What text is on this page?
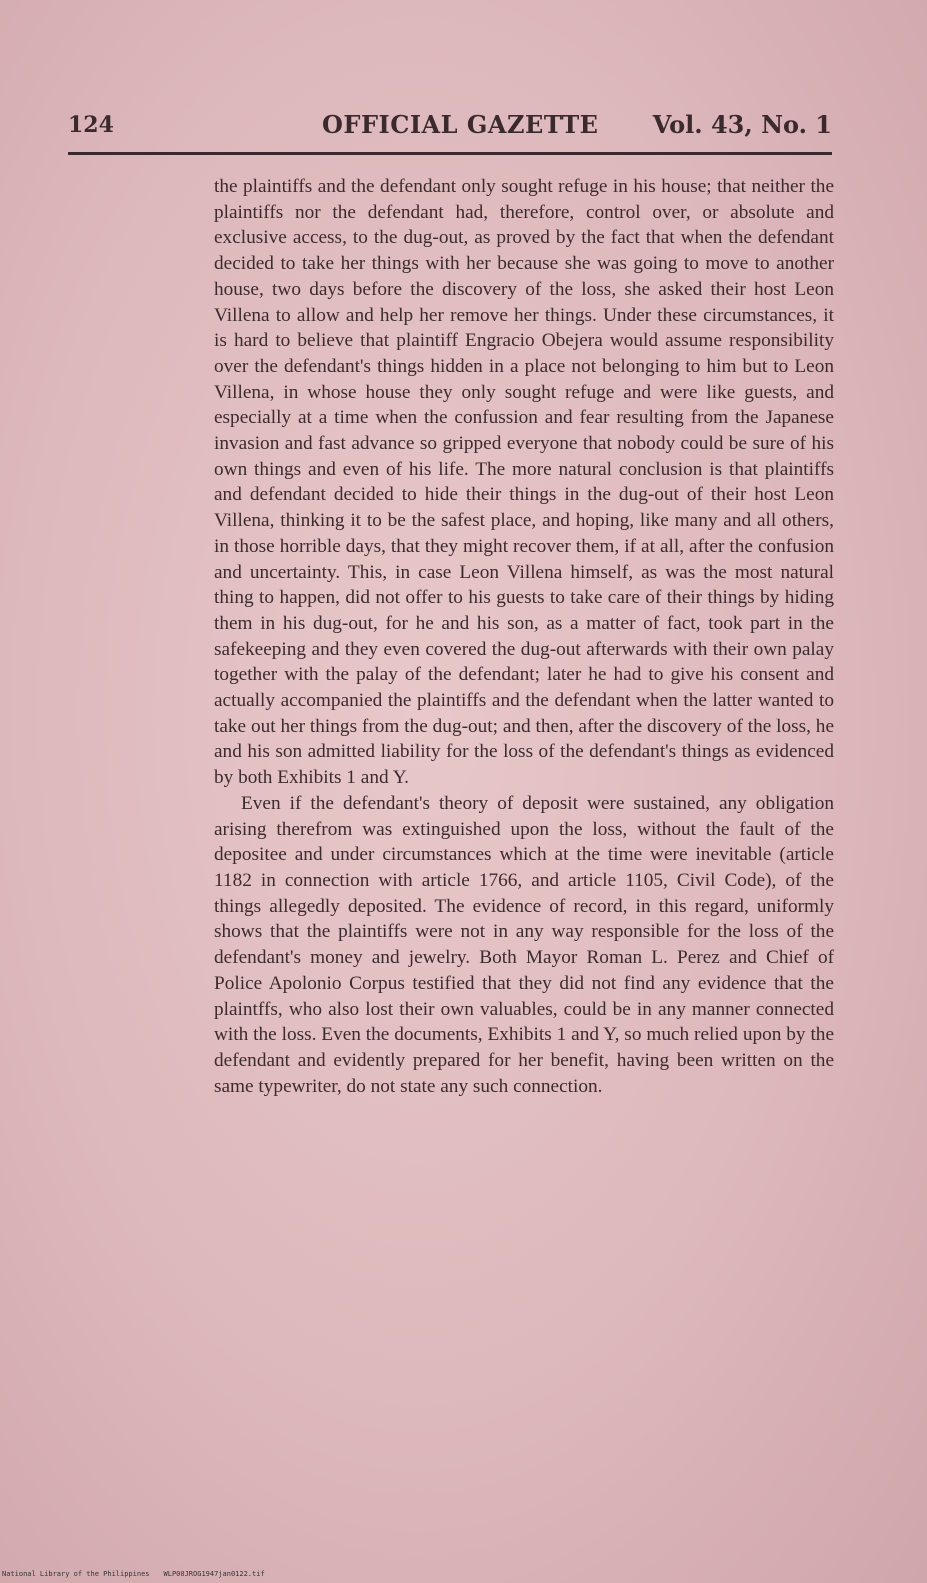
124	OFFICIAL GAZETTE Vol. 43, No. 1

the plaintiffs and the defendant only sought refuge in his house; that neither the plaintiffs nor the defendant had, therefore, control over, or absolute and exclusive access, to the dug-out, as proved by the fact that when the defendant decided to take her things with her because she was going to move to another house, two days before the discovery of the loss, she asked their host Leon Villena to allow and help her remove her things. Under these circumstances, it is hard to believe that plaintiff Engracio Obejera would assume responsibility over the defendant's things hidden in a place not belonging to him but to Leon Villena, in whose house they only sought refuge and were like guests, and especially at a time when the confussion and fear resulting from the Japanese invasion and fast advance so gripped everyone that nobody could be sure of his own things and even of his life. The more natural conclusion is that plaintiffs and defendant decided to hide their things in the dug-out of their host Leon Villena, thinking it to be the safest place, and hoping, like many and all others, in those horrible days, that they might recover them, if at all, after the confusion and uncertainty. This, in case Leon Villena himself, as was the most natural thing to happen, did not offer to his guests to take care of their things by hiding them in his dug-out, for he and his son, as a matter of fact, took part in the safekeeping and they even covered the dug-out afterwards with their own palay together with the palay of the defendant; later he had to give his consent and actually accompanied the plaintiffs and the defendant when the latter wanted to take out her things from the dug-out; and then, after the discovery of the loss, he and his son admitted liability for the loss of the defendant's things as evidenced by both Exhibits 1 and Y.

Even if the defendant's theory of deposit were sustained, any obligation arising therefrom was extinguished upon the loss, without the fault of the depositee and under circumstances which at the time were inevitable (article 1182 in connection with article 1766, and article 1105, Civil Code), of the things allegedly deposited. The evidence of record, in this regard, uniformly shows that the plaintiffs were not in any way responsible for the loss of the defendant's money and jewelry. Both Mayor Roman L. Perez and Chief of Police Apolonio Corpus testified that they did not find any evidence that the plaintffs, who also lost their own valuables, could be in any manner connected with the loss. Even the documents, Exhibits 1 and Y, so much relied upon by the defendant and evidently prepared for her benefit, having been written on the same typewriter, do not state any such connection.

National Library of the Philippines WLP00JROG1947jan0122.tif
